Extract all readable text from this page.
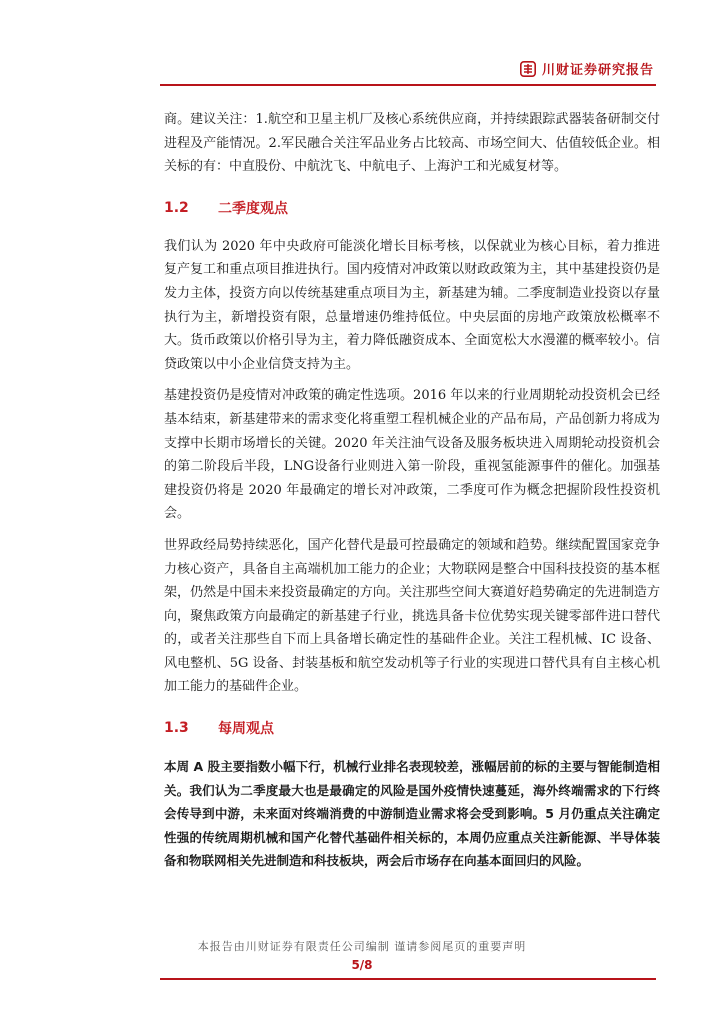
川财证券研究报告

商。建议关注：1.航空和卫星主机厂及核心系统供应商，并持续跟踪武器装备研制交付进程及产能情况。2.军民融合关注军品业务占比较高、市场空间大、估值较低企业。相关标的有：中直股份、中航沈飞、中航电子、上海沪工和光威复材等。

1.2	二季度观点

我们认为 2020 年中央政府可能淡化增长目标考核，以保就业为核心目标，着力推进复产复工和重点项目推进执行。国内疫情对冲政策以财政政策为主，其中基建投资仍是发力主体，投资方向以传统基建重点项目为主，新基建为辅。二季度制造业投资以存量执行为主，新增投资有限，总量增速仍维持低位。中央层面的房地产政策放松概率不大。货币政策以价格引导为主，着力降低融资成本、全面宽松大水漫灌的概率较小。信贷政策以中小企业信贷支持为主。

基建投资仍是疫情对冲政策的确定性选项。2016 年以来的行业周期轮动投资机会已经基本结束，新基建带来的需求变化将重塑工程机械企业的产品布局，产品创新力将成为支撑中长期市场增长的关键。2020 年关注油气设备及服务板块进入周期轮动投资机会的第二阶段后半段，LNG设备行业则进入第一阶段，重视氢能源事件的催化。加强基建投资仍将是 2020 年最确定的增长对冲政策，二季度可作为概念把握阶段性投资机会。

世界政经局势持续恶化，国产化替代是最可控最确定的领域和趋势。继续配置国家竞争力核心资产，具备自主高端机加工能力的企业；大物联网是整合中国科技投资的基本框架，仍然是中国未来投资最确定的方向。关注那些空间大赛道好趋势确定的先进制造方向，聚焦政策方向最确定的新基建子行业，挑选具备卡位优势实现关键零部件进口替代的，或者关注那些自下而上具备增长确定性的基础件企业。关注工程机械、IC 设备、风电整机、5G 设备、封装基板和航空发动机等子行业的实现进口替代具有自主核心机加工能力的基础件企业。

1.3	每周观点

本周 A 股主要指数小幅下行，机械行业排名表现较差，涨幅居前的标的主要与智能制造相关。我们认为二季度最大也是最确定的风险是国外疫情快速蔓延，海外终端需求的下行终会传导到中游，未来面对终端消费的中游制造业需求将会受到影响。5 月仍重点关注确定性强的传统周期机械和国产化替代基础件相关标的，本周仍应重点关注新能源、半导体装备和物联网相关先进制造和科技板块，两会后市场存在向基本面回归的风险。

本报告由川财证券有限责任公司编制 谨请参阅尾页的重要声明
5/8
